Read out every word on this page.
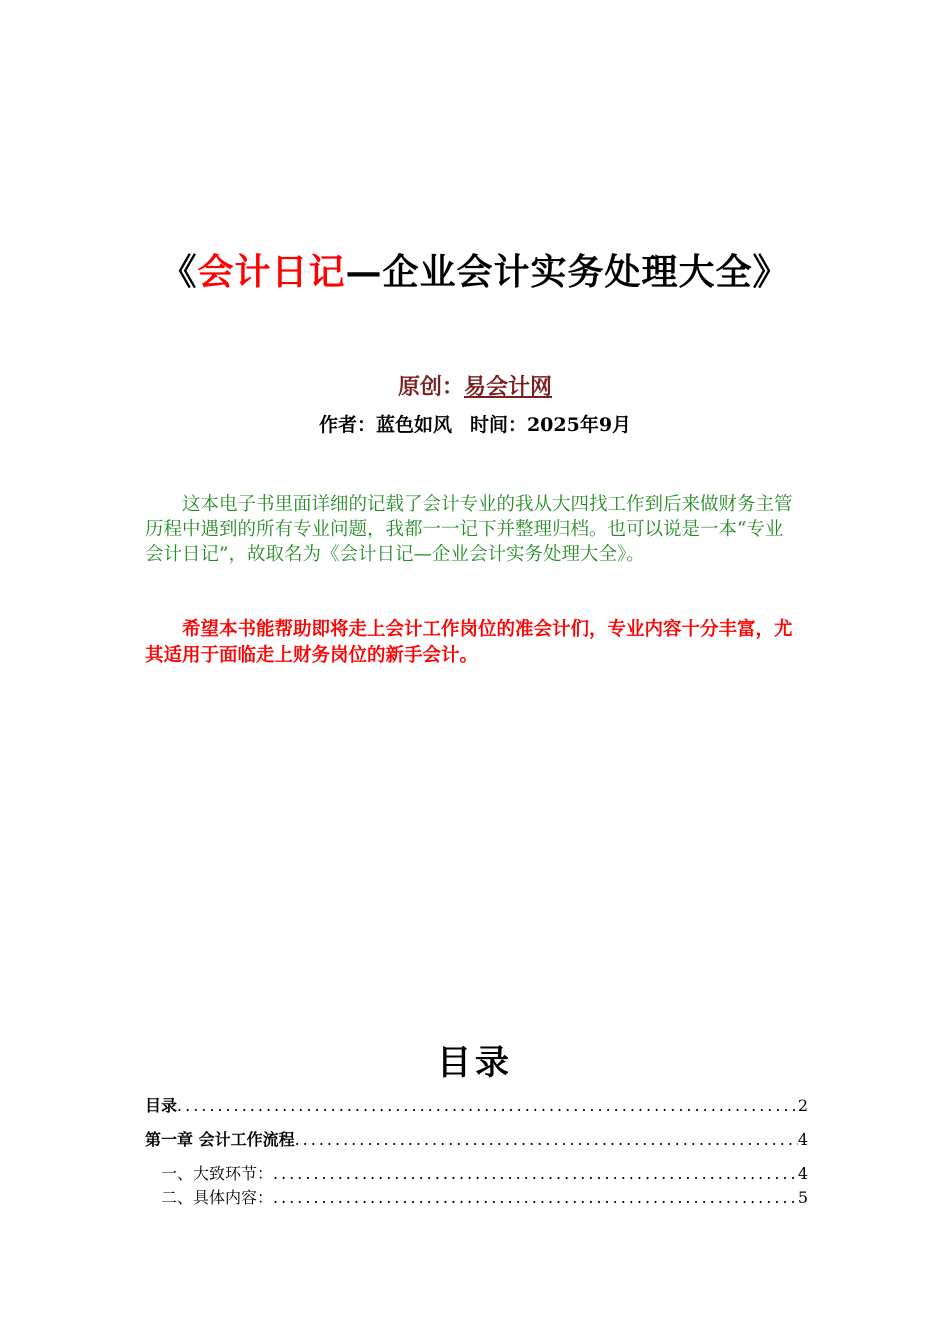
《会计日记—企业会计实务处理大全》
原创：易会计网
作者：蓝色如风 时间：2025年9月

这本电子书里面详细的记载了会计专业的我从大四找工作到后来做财务主管历程中遇到的所有专业问题，我都一一记下并整理归档。也可以说是一本“专业会计日记”，故取名为《会计日记—企业会计实务处理大全》。

希望本书能帮助即将走上会计工作岗位的准会计们，专业内容十分丰富，尤其适用于面临走上财务岗位的新手会计。

目录
目录 .....	2
第一章 会计工作流程 .....	4
一、大致环节： .....	4
二、具体内容： .....	5
